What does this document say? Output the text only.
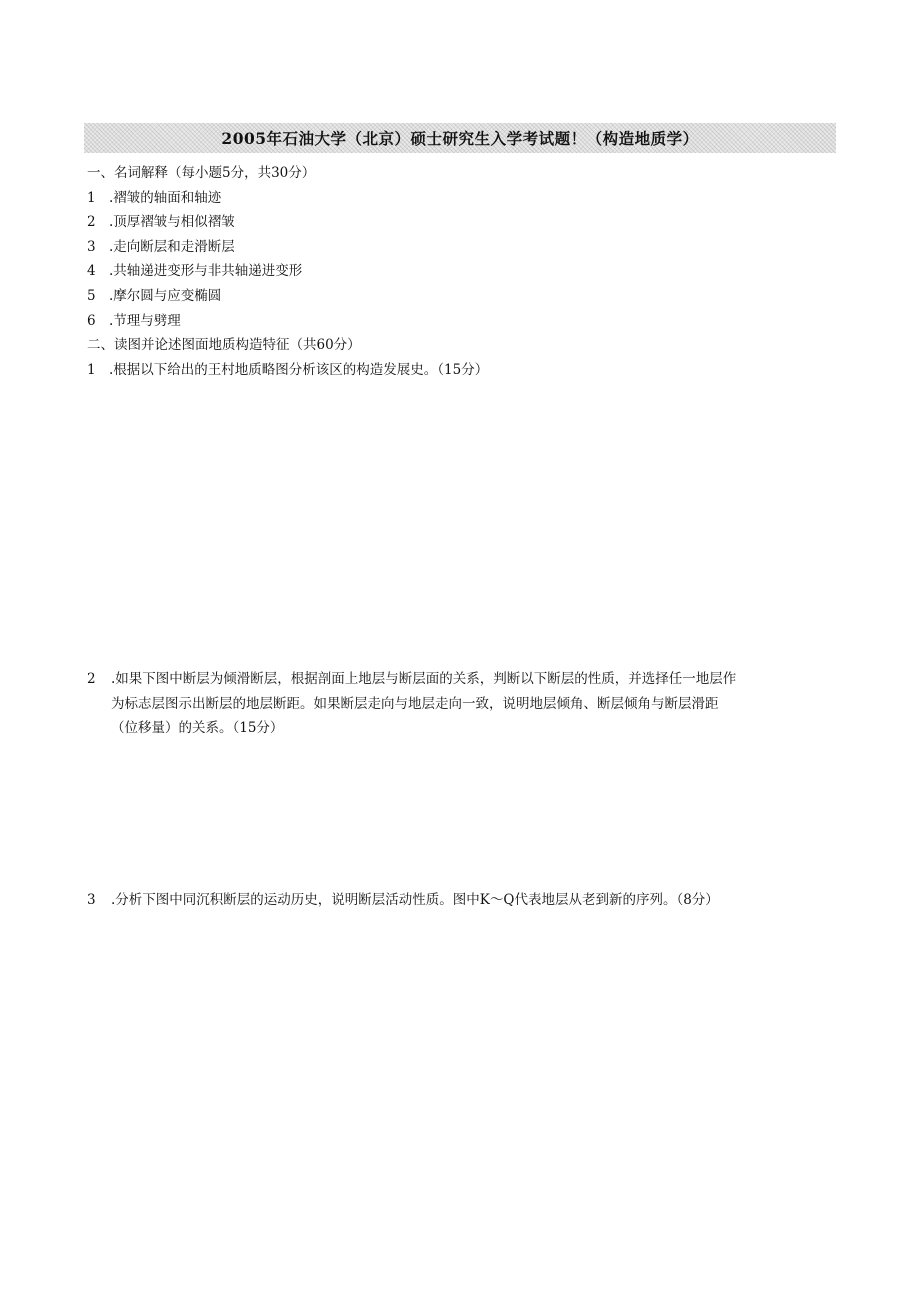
2005年石油大学（北京）硕士研究生入学考试题！（构造地质学）
一、名词解释（每小题5分，共30分）
1 .褶皱的轴面和轴迹
2 .顶厚褶皱与相似褶皱
3 .走向断层和走滑断层
4 .共轴递进变形与非共轴递进变形
5 .摩尔圆与应变椭圆
6 .节理与劈理
二、读图并论述图面地质构造特征（共60分）
1 .根据以下给出的王村地质略图分析该区的构造发展史。（15分）
2 .如果下图中断层为倾滑断层，根据剖面上地层与断层面的关系，判断以下断层的性质，并选择任一地层作
为标志层图示出断层的地层断距。如果断层走向与地层走向一致，说明地层倾角、断层倾角与断层滑距
（位移量）的关系。（15分）
3 .分析下图中同沉积断层的运动历史，说明断层活动性质。图中K～Q代表地层从老到新的序列。（8分）
